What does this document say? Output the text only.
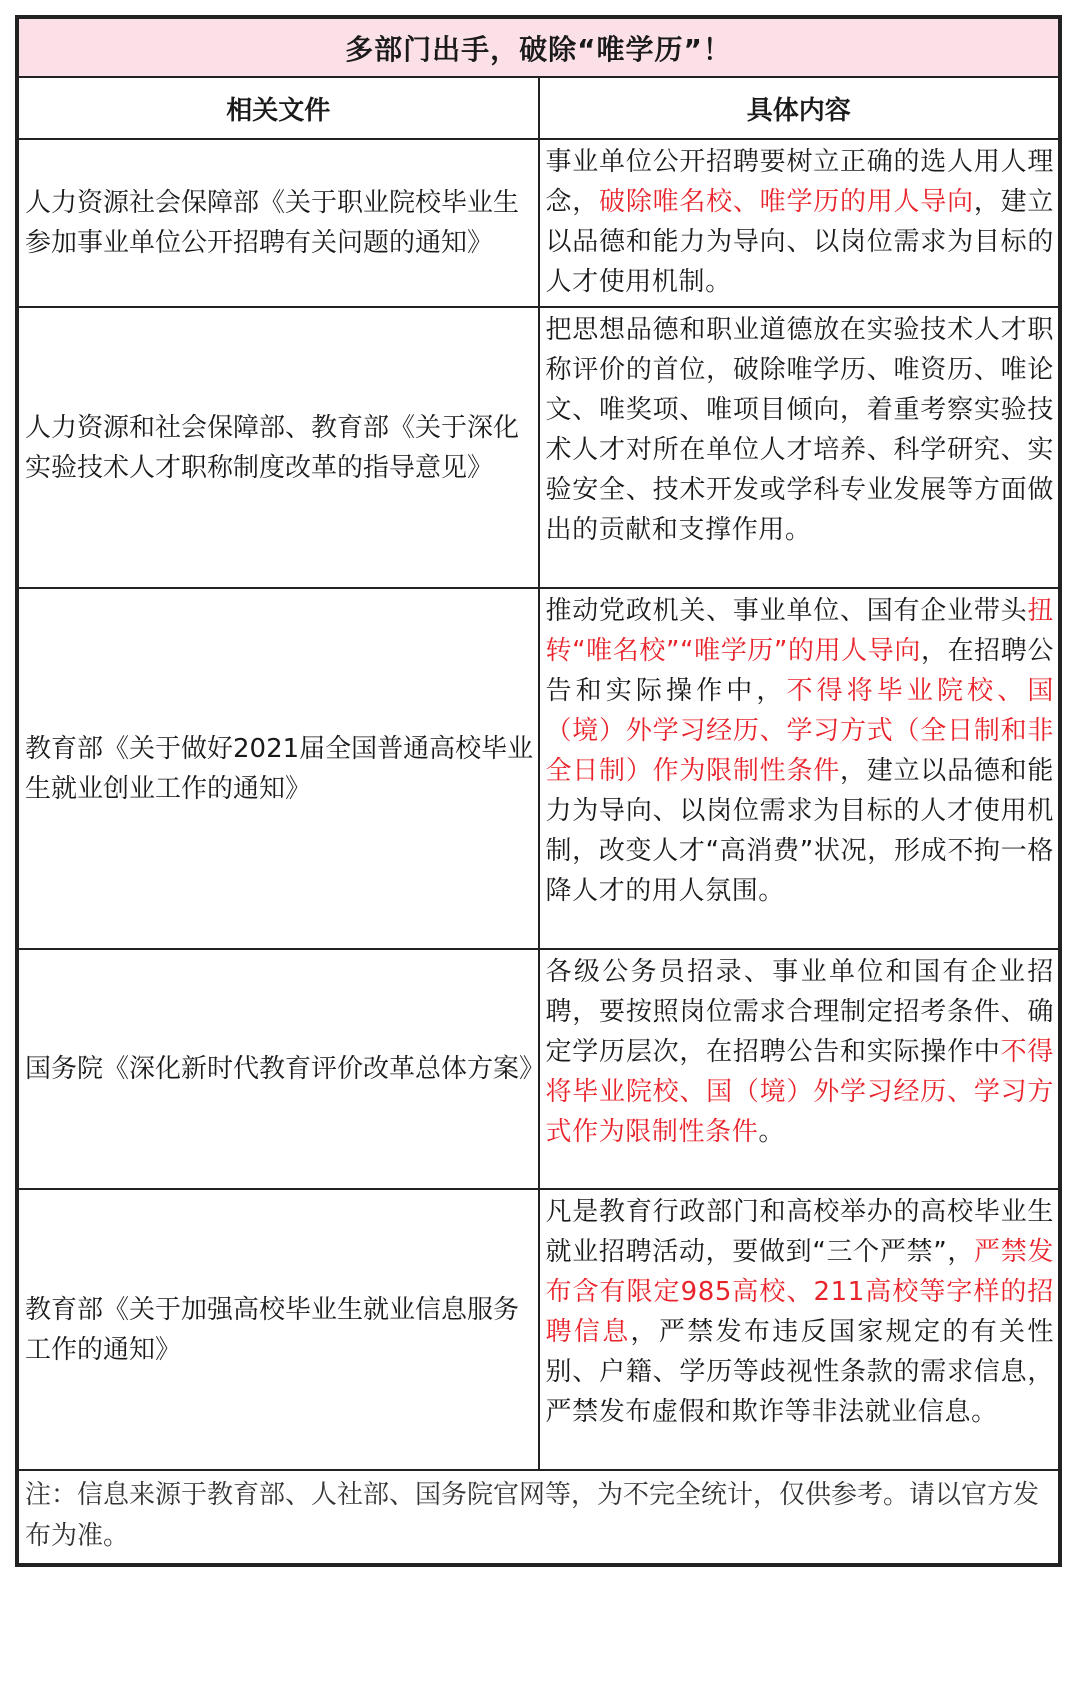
多部门出手，破除“唯学历”！	
相关文件	具体内容
人力资源社会保障部《关于职业院校毕业生参加事业单位公开招聘有关问题的通知》	事业单位公开招聘要树立正确的选人用人理念，破除唯名校、唯学历的用人导向，建立以品德和能力为导向、以岗位需求为目标的人才使用机制。
人力资源和社会保障部、教育部《关于深化实验技术人才职称制度改革的指导意见》	把思想品德和职业道德放在实验技术人才职称评价的首位，破除唯学历、唯资历、唯论文、唯奖项、唯项目倾向，着重考察实验技术人才对所在单位人才培养、科学研究、实验安全、技术开发或学科专业发展等方面做出的贡献和支撑作用。
教育部《关于做好2021届全国普通高校毕业生就业创业工作的通知》	推动党政机关、事业单位、国有企业带头扭转“唯名校”“唯学历”的用人导向，在招聘公告和实际操作中，不得将毕业院校、国（境）外学习经历、学习方式（全日制和非全日制）作为限制性条件，建立以品德和能力为导向、以岗位需求为目标的人才使用机制，改变人才“高消费”状况，形成不拘一格降人才的用人氛围。
国务院《深化新时代教育评价改革总体方案》	各级公务员招录、事业单位和国有企业招聘，要按照岗位需求合理制定招考条件、确定学历层次，在招聘公告和实际操作中不得将毕业院校、国（境）外学习经历、学习方式作为限制性条件。
教育部《关于加强高校毕业生就业信息服务工作的通知》	凡是教育行政部门和高校举办的高校毕业生就业招聘活动，要做到“三个严禁”，严禁发布含有限定985高校、211高校等字样的招聘信息，严禁发布违反国家规定的有关性别、户籍、学历等歧视性条款的需求信息，严禁发布虚假和欺诈等非法就业信息。
注：信息来源于教育部、人社部、国务院官网等，为不完全统计，仅供参考。请以官方发布为准。	
